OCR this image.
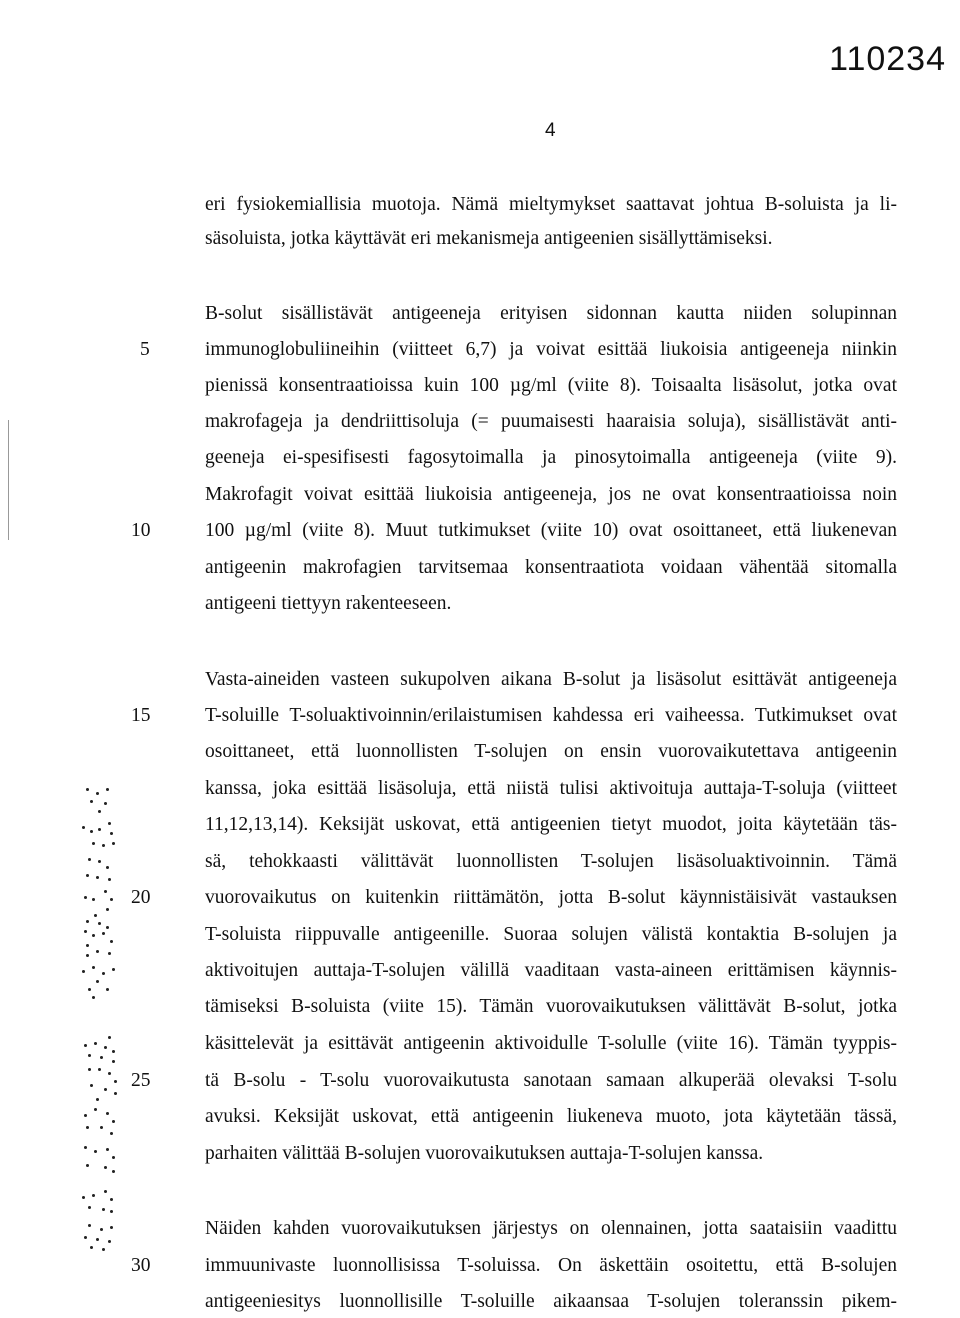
110234
4
eri fysiokemiallisia muotoja. Nämä mieltymykset saattavat johtua B-soluista ja li-
säsoluista, jotka käyttävät eri mekanismeja antigeenien sisällyttämiseksi.
B-solut sisällistävät antigeeneja erityisen sidonnan kautta niiden solupinnan
immunoglobuliineihin (viitteet 6,7) ja voivat esittää liukoisia antigeeneja niinkin
pienissä konsentraatioissa kuin 100 µg/ml (viite 8). Toisaalta lisäsolut, jotka ovat
makrofageja ja dendriittisoluja (= puumaisesti haaraisia soluja), sisällistävät anti-
geeneja ei-spesifisesti fagosytoimalla ja pinosytoimalla antigeeneja (viite 9).
Makrofagit voivat esittää liukoisia antigeeneja, jos ne ovat konsentraatioissa noin
100 µg/ml (viite 8). Muut tutkimukset (viite 10) ovat osoittaneet, että liukenevan
antigeenin makrofagien tarvitsemaa konsentraatiota voidaan vähentää sitomalla
antigeeni tiettyyn rakenteeseen.
Vasta-aineiden vasteen sukupolven aikana B-solut ja lisäsolut esittävät antigeeneja
T-soluille T-soluaktivoinnin/erilaistumisen kahdessa eri vaiheessa. Tutkimukset ovat
osoittaneet, että luonnollisten T-solujen on ensin vuorovaikutettava antigeenin
kanssa, joka esittää lisäsoluja, että niistä tulisi aktivoituja auttaja-T-soluja (viitteet
11,12,13,14). Keksijät uskovat, että antigeenien tietyt muodot, joita käytetään täs-
sä, tehokkaasti välittävät luonnollisten T-solujen lisäsoluaktivoinnin. Tämä
vuorovaikutus on kuitenkin riittämätön, jotta B-solut käynnistäisivät vastauksen
T-soluista riippuvalle antigeenille. Suoraa solujen välistä kontaktia B-solujen ja
aktivoitujen auttaja-T-solujen välillä vaaditaan vasta-aineen erittämisen käynnis-
tämiseksi B-soluista (viite 15). Tämän vuorovaikutuksen välittävät B-solut, jotka
käsittelevät ja esittävät antigeenin aktivoidulle T-solulle (viite 16). Tämän tyyppis-
tä B-solu - T-solu vuorovaikutusta sanotaan samaan alkuperää olevaksi T-solu
avuksi. Keksijät uskovat, että antigeenin liukeneva muoto, jota käytetään tässä,
parhaiten välittää B-solujen vuorovaikutuksen auttaja-T-solujen kanssa.
Näiden kahden vuorovaikutuksen järjestys on olennainen, jotta saataisiin vaadittu
immuunivaste luonnollisissa T-soluissa. On äskettäin osoitettu, että B-solujen
antigeeniesitys luonnollisille T-soluille aikaansaa T-solujen toleranssin pikem-
5
10
15
20
25
30
